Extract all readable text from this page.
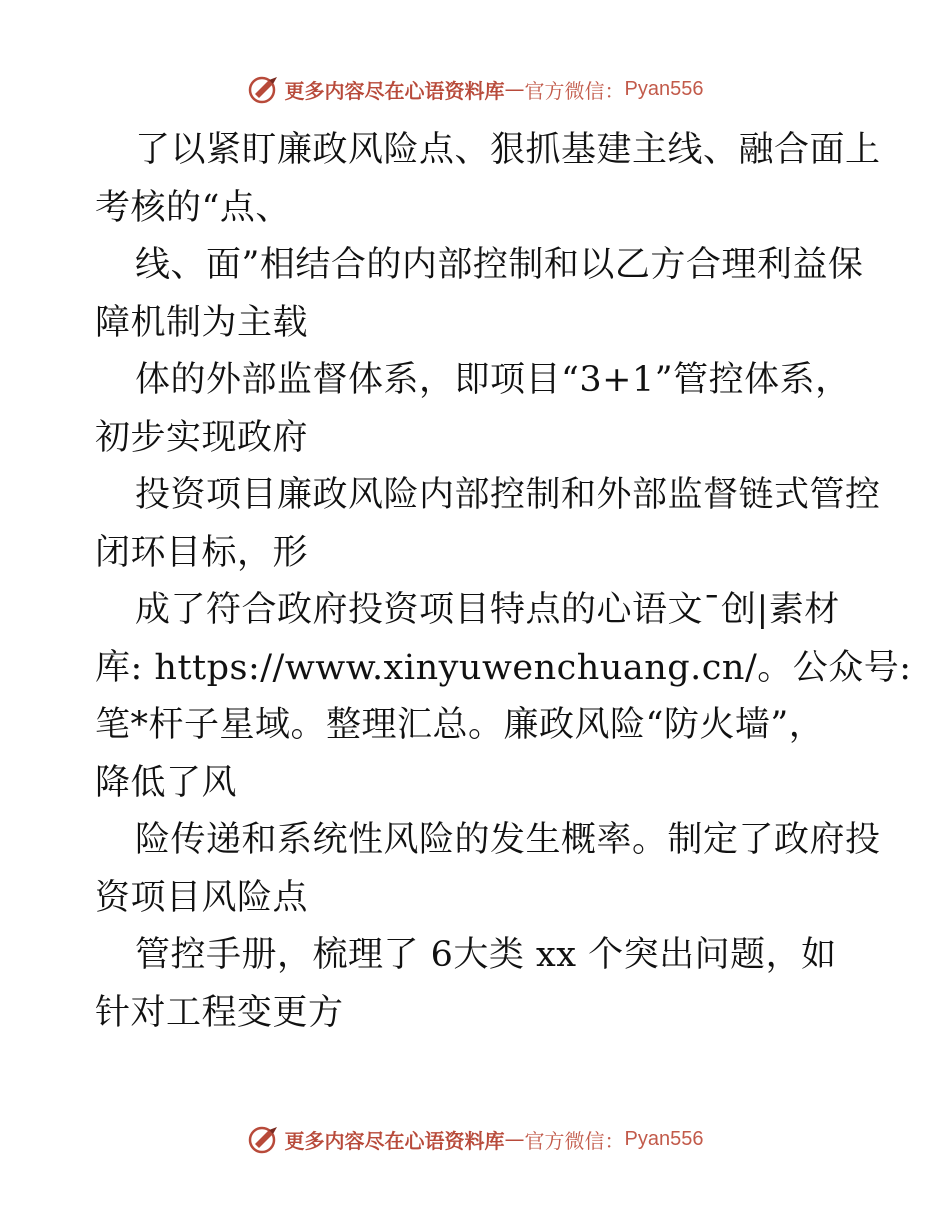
更多内容尽在心语资料库 — 官方微信： Pyan556
了以紧盯廉政风险点、狠抓基建主线、融合面上
考核的“点、
线、面”相结合的内部控制和以乙方合理利益保
障机制为主载
体的外部监督体系，即项目“3+1”管控体系，
初步实现政府
投资项目廉政风险内部控制和外部监督链式管控
闭环目标，形
成了符合政府投资项目特点的心语文¯创|素材
库: https://www.xinyuwenchuang.cn/。公众号:
笔*杆子星域。整理汇总。廉政风险“防火墙”，
降低了风
险传递和系统性风险的发生概率。制定了政府投
资项目风险点
管控手册，梳理了 6大类 xx 个突出问题，如
针对工程变更方
更多内容尽在心语资料库 — 官方微信： Pyan556
